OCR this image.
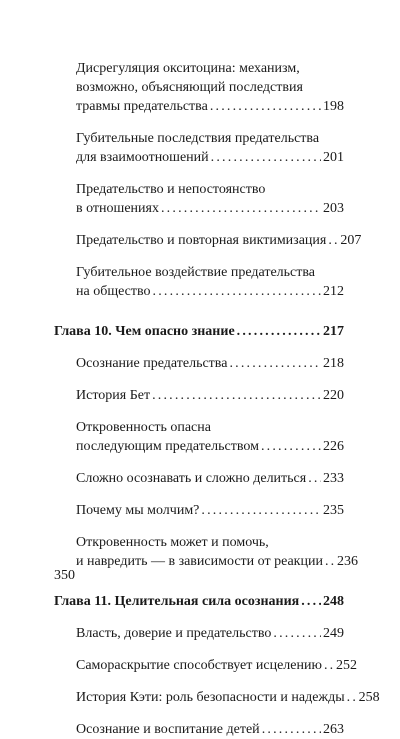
Дисрегуляция окситоцина: механизм,
возможно, объясняющий последствия
травмы предательства .....	198
Губительные последствия предательства
для взаимоотношений .....	201
Предательство и непостоянство
в отношениях .....	203
Предательство и повторная виктимизация ..... 207
Губительное воздействие предательства
на общество .....	212
Глава 10. Чем опасно знание .....	217
Осознание предательства .....	218
История Бет .....	220
Откровенность опасна
последующим предательством .....	226
Сложно осознавать и сложно делиться ..... 233
Почему мы молчим? .....	235
Откровенность может и помочь,
и навредить — в зависимости от реакции ..... 236
Глава 11. Целительная сила осознания ..... 248
Власть, доверие и предательство .....	249
Самораскрытие способствует исцелению ..... 252
История Кэти: роль безопасности и надежды ..... 258
Осознание и воспитание детей .....	263
350
